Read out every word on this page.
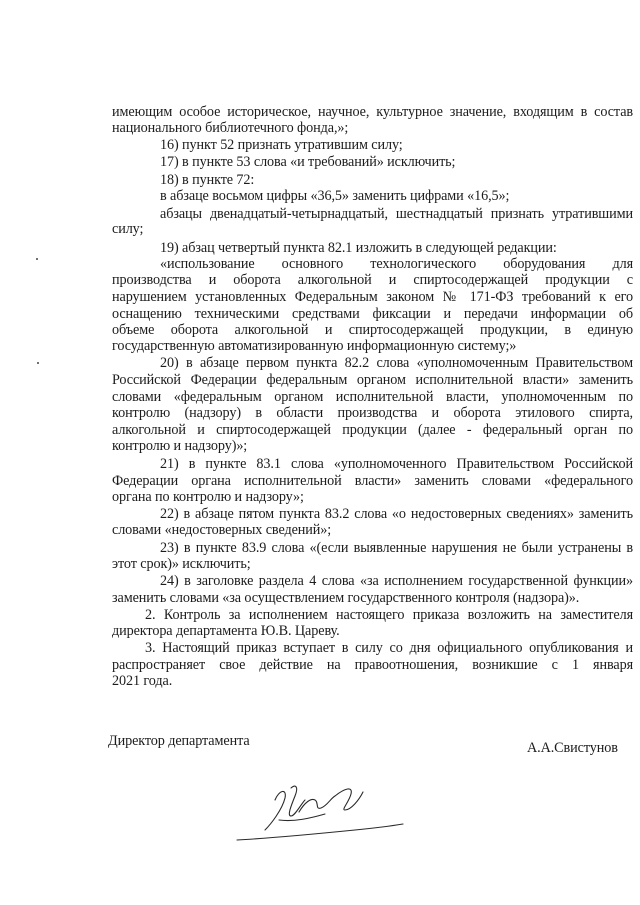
имеющим особое историческое, научное, культурное значение, входящим в состав
национального библиотечного фонда,»;
16) пункт 52 признать утратившим силу;
17) в пункте 53 слова «и требований» исключить;
18) в пункте 72:
в абзаце восьмом цифры «36,5» заменить цифрами «16,5»;
абзацы двенадцатый-четырнадцатый, шестнадцатый признать утратившими
силу;
19) абзац четвертый пункта 82.1 изложить в следующей редакции:
«использование основного технологического оборудования для
производства и оборота алкогольной и спиртосодержащей продукции с
нарушением установленных Федеральным законом № 171-ФЗ требований к его
оснащению техническими средствами фиксации и передачи информации об
объеме оборота алкогольной и спиртосодержащей продукции, в единую
государственную автоматизированную информационную систему;»
20) в абзаце первом пункта 82.2 слова «уполномоченным Правительством
Российской Федерации федеральным органом исполнительной власти» заменить
словами «федеральным органом исполнительной власти, уполномоченным по
контролю (надзору) в области производства и оборота этилового спирта,
алкогольной и спиртосодержащей продукции (далее - федеральный орган по
контролю и надзору)»;
21) в пункте 83.1 слова «уполномоченного Правительством Российской
Федерации органа исполнительной власти» заменить словами «федерального
органа по контролю и надзору»;
22) в абзаце пятом пункта 83.2 слова «о недостоверных сведениях» заменить
словами «недостоверных сведений»;
23) в пункте 83.9 слова «(если выявленные нарушения не были устранены в
этот срок)» исключить;
24) в заголовке раздела 4 слова «за исполнением государственной функции»
заменить словами «за осуществлением государственного контроля (надзора)».
2. Контроль за исполнением настоящего приказа возложить на заместителя
директора департамента Ю.В. Цареву.
3. Настоящий приказ вступает в силу со дня официального опубликования и
распространяет свое действие на правоотношения, возникшие с 1 января
2021 года.
Директор департамента	А.А.Свистунов
